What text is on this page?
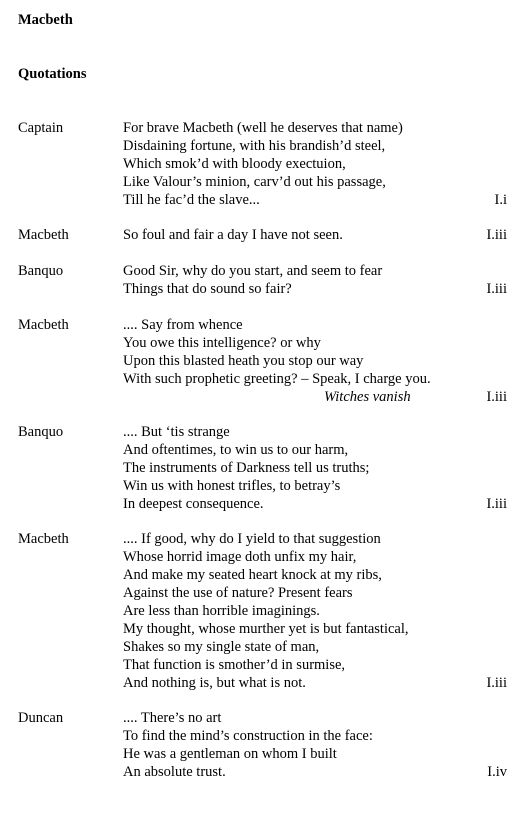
Macbeth
Quotations
Captain	For brave Macbeth (well he deserves that name)
Disdaining fortune, with his brandish’d steel,
Which smok’d with bloody exectuion,
Like Valour’s minion, carv’d out his passage,
Till he fac’d the slave...	I.i
Macbeth	So foul and fair a day I have not seen.	I.iii
Banquo	Good Sir, why do you start, and seem to fear
Things that do sound so fair?	I.iii
Macbeth	.... Say from whence
You owe this intelligence? or why
Upon this blasted heath you stop our way
With such prophetic greeting? – Speak, I charge you.
Witches vanish	I.iii
Banquo	.... But ‘tis strange
And oftentimes, to win us to our harm,
The instruments of Darkness tell us truths;
Win us with honest trifles, to betray’s
In deepest consequence.	I.iii
Macbeth	.... If good, why do I yield to that suggestion
Whose horrid image doth unfix my hair,
And make my seated heart knock at my ribs,
Against the use of nature? Present fears
Are less than horrible imaginings.
My thought, whose murther yet is but fantastical,
Shakes so my single state of man,
That function is smother’d in surmise,
And nothing is, but what is not.	I.iii
Duncan	.... There’s no art
To find the mind’s construction in the face:
He was a gentleman on whom I built
An absolute trust.	I.iv
